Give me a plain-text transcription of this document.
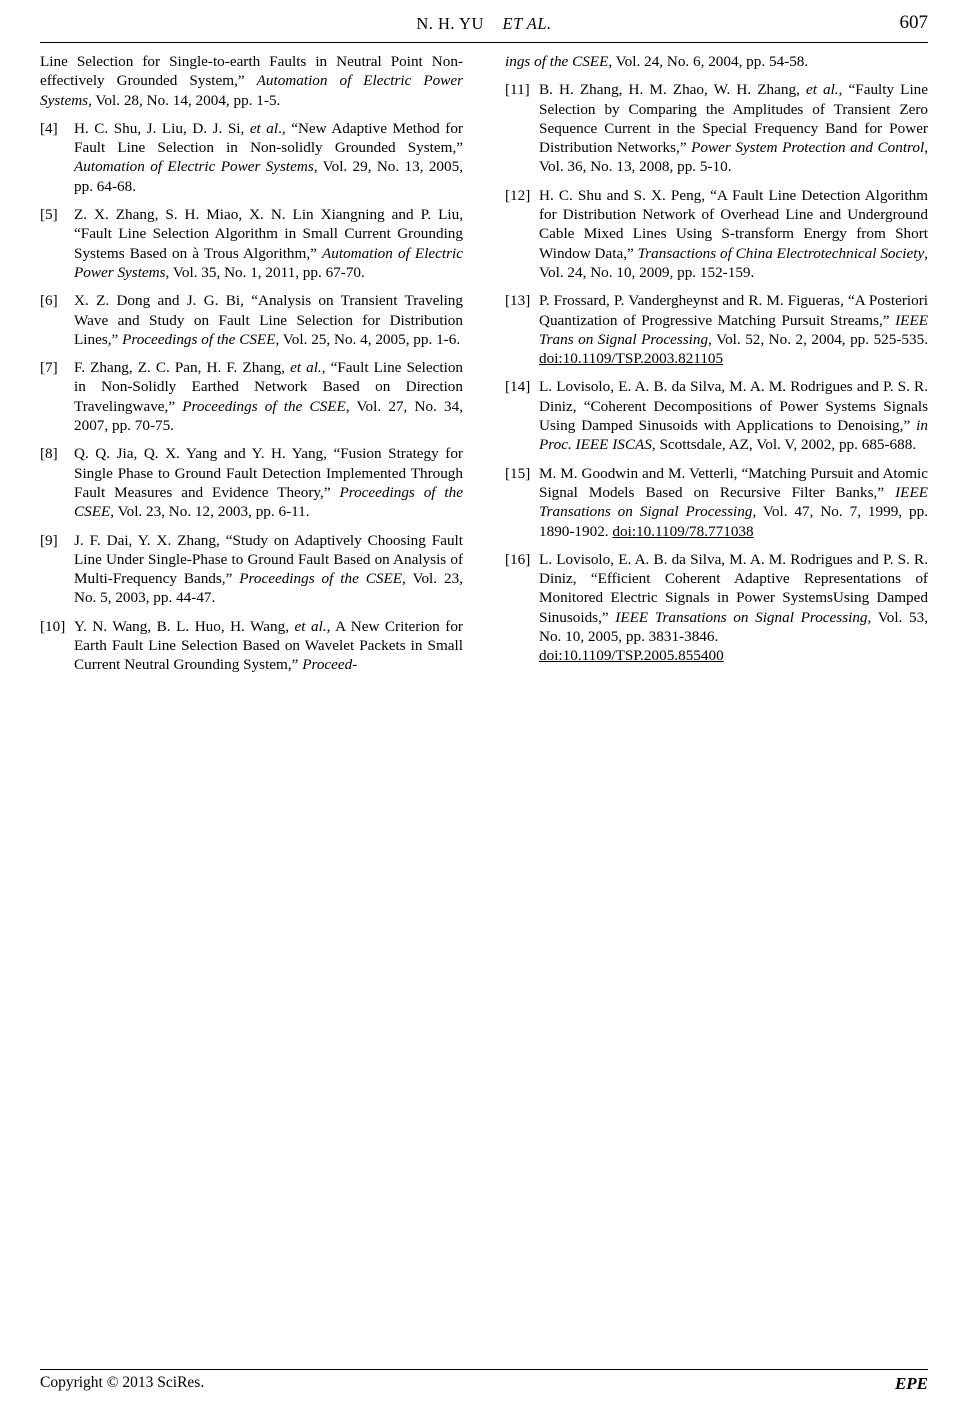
N. H. YU ET AL.	607
Line Selection for Single-to-earth Faults in Neutral Point Non-effectively Grounded System,” Automation of Electric Power Systems, Vol. 28, No. 14, 2004, pp. 1-5.
[4]	H. C. Shu, J. Liu, D. J. Si, et al., “New Adaptive Method for Fault Line Selection in Non-solidly Grounded System,” Automation of Electric Power Systems, Vol. 29, No. 13, 2005, pp. 64-68.
[5]	Z. X. Zhang, S. H. Miao, X. N. Lin Xiangning and P. Liu, “Fault Line Selection Algorithm in Small Current Grounding Systems Based on à Trous Algorithm,” Automation of Electric Power Systems, Vol. 35, No. 1, 2011, pp. 67-70.
[6]	X. Z. Dong and J. G. Bi, “Analysis on Transient Traveling Wave and Study on Fault Line Selection for Distribution Lines,” Proceedings of the CSEE, Vol. 25, No. 4, 2005, pp. 1-6.
[7]	F. Zhang, Z. C. Pan, H. F. Zhang, et al., “Fault Line Selection in Non-Solidly Earthed Network Based on Direction Travelingwave,” Proceedings of the CSEE, Vol. 27, No. 34, 2007, pp. 70-75.
[8]	Q. Q. Jia, Q. X. Yang and Y. H. Yang, “Fusion Strategy for Single Phase to Ground Fault Detection Implemented Through Fault Measures and Evidence Theory,” Proceedings of the CSEE, Vol. 23, No. 12, 2003, pp. 6-11.
[9]	J. F. Dai, Y. X. Zhang, “Study on Adaptively Choosing Fault Line Under Single-Phase to Ground Fault Based on Analysis of Multi-Frequency Bands,” Proceedings of the CSEE, Vol. 23, No. 5, 2003, pp. 44-47.
[10] Y. N. Wang, B. L. Huo, H. Wang, et al., A New Criterion for Earth Fault Line Selection Based on Wavelet Packets in Small Current Neutral Grounding System,” Proceed-
ings of the CSEE, Vol. 24, No. 6, 2004, pp. 54-58.
[11] B. H. Zhang, H. M. Zhao, W. H. Zhang, et al., “Faulty Line Selection by Comparing the Amplitudes of Transient Zero Sequence Current in the Special Frequency Band for Power Distribution Networks,” Power System Protection and Control, Vol. 36, No. 13, 2008, pp. 5-10.
[12] H. C. Shu and S. X. Peng, “A Fault Line Detection Algorithm for Distribution Network of Overhead Line and Underground Cable Mixed Lines Using S-transform Energy from Short Window Data,” Transactions of China Electrotechnical Society, Vol. 24, No. 10, 2009, pp. 152-159.
[13] P. Frossard, P. Vandergheynst and R. M. Figueras, “A Posteriori Quantization of Progressive Matching Pursuit Streams,” IEEE Trans on Signal Processing, Vol. 52, No. 2, 2004, pp. 525-535. doi:10.1109/TSP.2003.821105
[14] L. Lovisolo, E. A. B. da Silva, M. A. M. Rodrigues and P. S. R. Diniz, “Coherent Decompositions of Power Systems Signals Using Damped Sinusoids with Applications to Denoising,” in Proc. IEEE ISCAS, Scottsdale, AZ, Vol. V, 2002, pp. 685-688.
[15] M. M. Goodwin and M. Vetterli, “Matching Pursuit and Atomic Signal Models Based on Recursive Filter Banks,” IEEE Transations on Signal Processing, Vol. 47, No. 7, 1999, pp. 1890-1902. doi:10.1109/78.771038
[16] L. Lovisolo, E. A. B. da Silva, M. A. M. Rodrigues and P. S. R. Diniz, “Efficient Coherent Adaptive Representations of Monitored Electric Signals in Power SystemsUsing Damped Sinusoids,” IEEE Transations on Signal Processing, Vol. 53, No. 10, 2005, pp. 3831-3846.
doi:10.1109/TSP.2005.855400
Copyright © 2013 SciRes.	EPE
